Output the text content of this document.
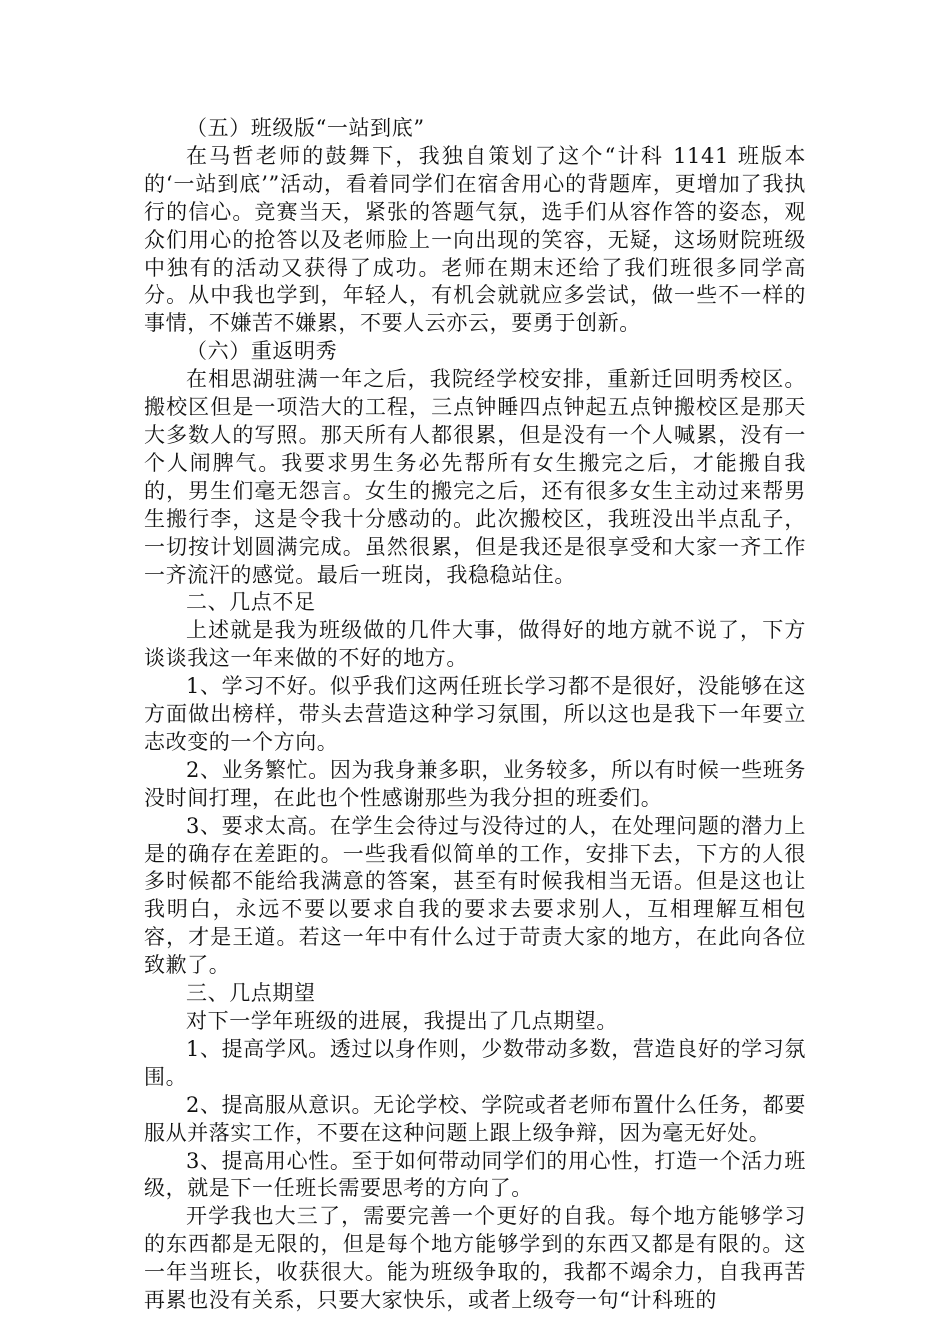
（五）班级版“一站到底”

在马哲老师的鼓舞下，我独自策划了这个“计科 1141 班版本的‘一站到底’”活动，看着同学们在宿舍用心的背题库，更增加了我执行的信心。竞赛当天，紧张的答题气氛，选手们从容作答的姿态，观众们用心的抢答以及老师脸上一向出现的笑容，无疑，这场财院班级中独有的活动又获得了成功。老师在期末还给了我们班很多同学高分。从中我也学到，年轻人，有机会就就应多尝试，做一些不一样的事情，不嫌苦不嫌累，不要人云亦云，要勇于创新。

（六）重返明秀

在相思湖驻满一年之后，我院经学校安排，重新迁回明秀校区。搬校区但是一项浩大的工程，三点钟睡四点钟起五点钟搬校区是那天大多数人的写照。那天所有人都很累，但是没有一个人喊累，没有一个人闹脾气。我要求男生务必先帮所有女生搬完之后，才能搬自我的，男生们毫无怨言。女生的搬完之后，还有很多女生主动过来帮男生搬行李，这是令我十分感动的。此次搬校区，我班没出半点乱子，一切按计划圆满完成。虽然很累，但是我还是很享受和大家一齐工作一齐流汗的感觉。最后一班岗，我稳稳站住。

二、几点不足

上述就是我为班级做的几件大事，做得好的地方就不说了，下方谈谈我这一年来做的不好的地方。

1、学习不好。似乎我们这两任班长学习都不是很好，没能够在这方面做出榜样，带头去营造这种学习氛围，所以这也是我下一年要立志改变的一个方向。

2、业务繁忙。因为我身兼多职，业务较多，所以有时候一些班务没时间打理，在此也个性感谢那些为我分担的班委们。

3、要求太高。在学生会待过与没待过的人，在处理问题的潜力上是的确存在差距的。一些我看似简单的工作，安排下去，下方的人很多时候都不能给我满意的答案，甚至有时候我相当无语。但是这也让我明白，永远不要以要求自我的要求去要求别人，互相理解互相包容，才是王道。若这一年中有什么过于苛责大家的地方，在此向各位致歉了。

三、几点期望

对下一学年班级的进展，我提出了几点期望。

1、提高学风。透过以身作则，少数带动多数，营造良好的学习氛围。

2、提高服从意识。无论学校、学院或者老师布置什么任务，都要服从并落实工作，不要在这种问题上跟上级争辩，因为毫无好处。

3、提高用心性。至于如何带动同学们的用心性，打造一个活力班级，就是下一任班长需要思考的方向了。

开学我也大三了，需要完善一个更好的自我。每个地方能够学习的东西都是无限的，但是每个地方能够学到的东西又都是有限的。这一年当班长，收获很大。能为班级争取的，我都不竭余力，自我再苦再累也没有关系，只要大家快乐，或者上级夸一句“计科班的
